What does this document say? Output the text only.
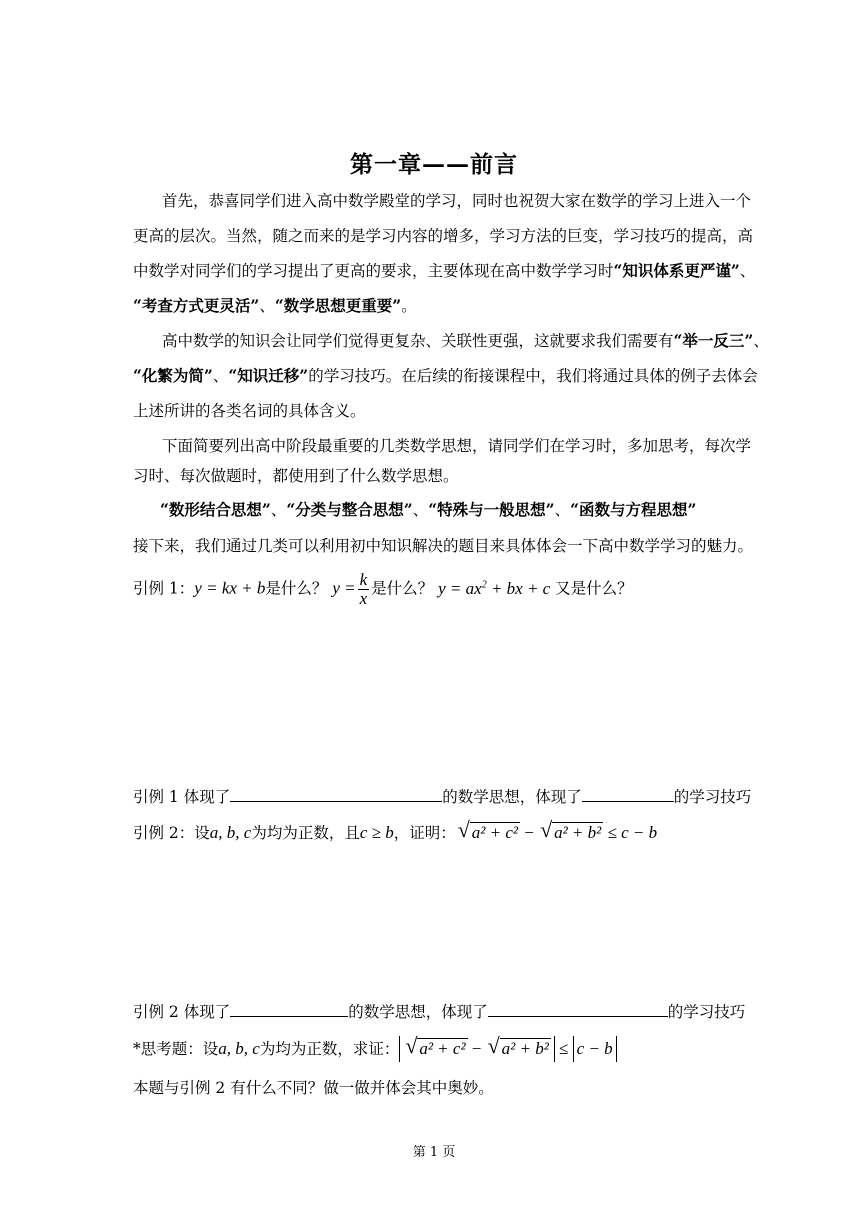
第一章——前言
首先，恭喜同学们进入高中数学殿堂的学习，同时也祝贺大家在数学的学习上进入一个
更高的层次。当然，随之而来的是学习内容的增多，学习方法的巨变，学习技巧的提高，高
中数学对同学们的学习提出了更高的要求，主要体现在高中数学学习时“知识体系更严谨”、
“考查方式更灵活”、“数学思想更重要”。
高中数学的知识会让同学们觉得更复杂、关联性更强，这就要求我们需要有“举一反三”、
“化繁为简”、“知识迁移”的学习技巧。在后续的衔接课程中，我们将通过具体的例子去体会
上述所讲的各类名词的具体含义。
下面简要列出高中阶段最重要的几类数学思想，请同学们在学习时，多加思考，每次学
习时、每次做题时，都使用到了什么数学思想。
“数形结合思想”、“分类与整合思想”、“特殊与一般思想”、“函数与方程思想”
接下来，我们通过几类可以利用初中知识解决的题目来具体体会一下高中数学学习的魅力。
引例 1：y = kx + b是什么？ $y = \frac{k}{x}$ 是什么？ $y = ax^2$ + bx + c 又是什么？
引例 1 体现了	的数学思想，体现了	的学习技巧
引例 2：设a, b, c为均为正数，且c ≥ b，证明： √ a² + c² − √ a² + b² ≤ c − b
引例 2 体现了	的数学思想，体现了	的学习技巧
*思考题：设a, b, c为均为正数，求证： √ a² + c² − √ a² + b² ≤ c − b
本题与引例 2 有什么不同？做一做并体会其中奥妙。
第 1 页
